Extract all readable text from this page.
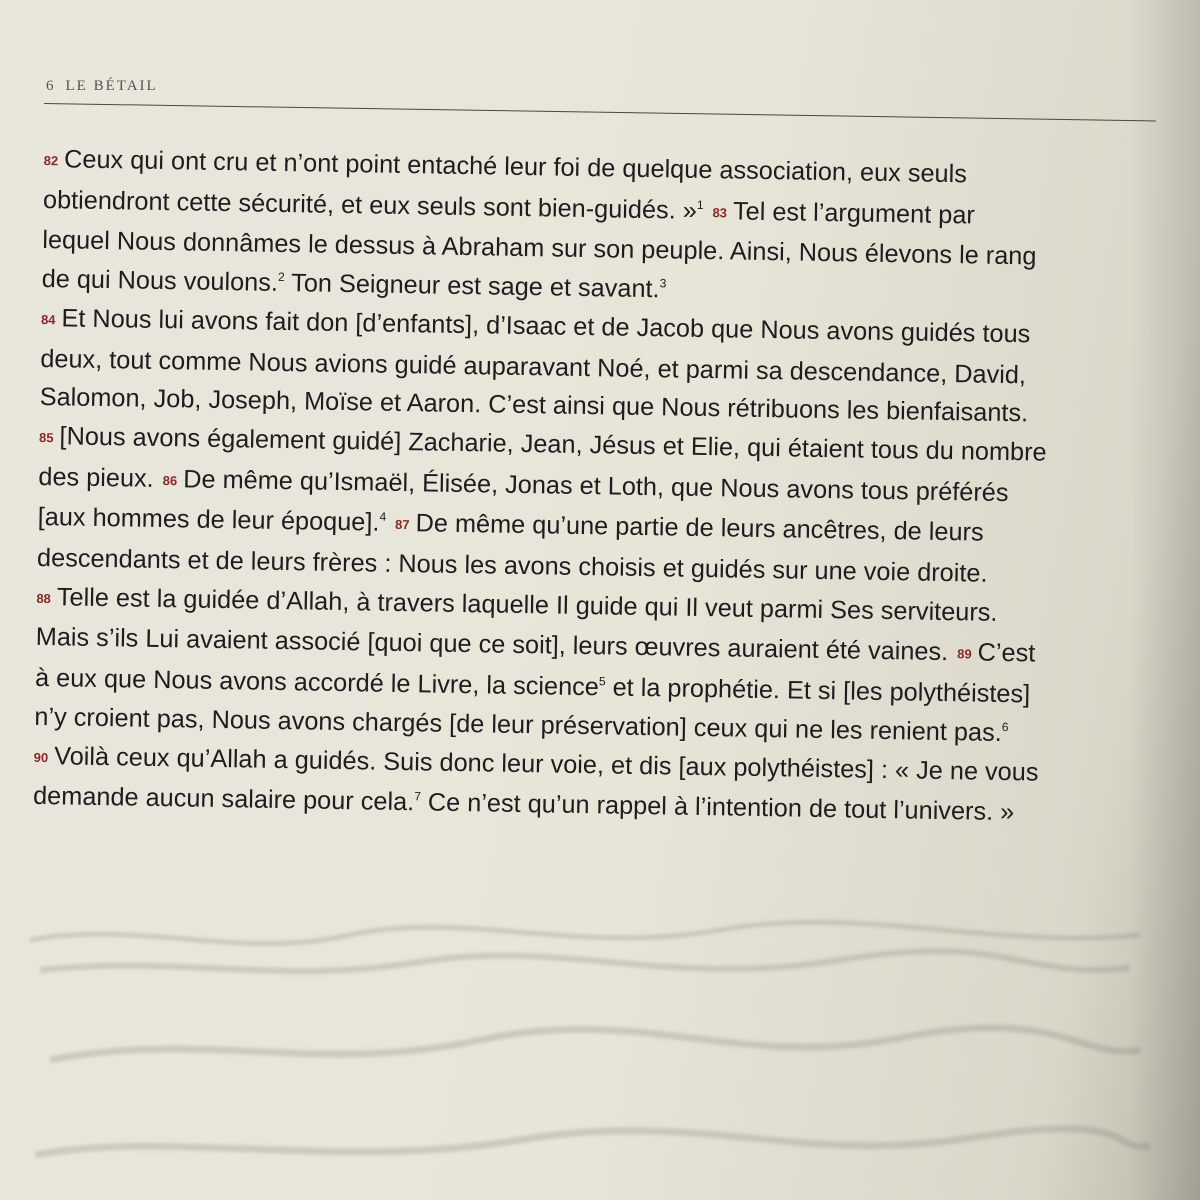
6 LE BÉTAIL
82 Ceux qui ont cru et n’ont point entaché leur foi de quelque association, eux seuls
obtiendront cette sécurité, et eux seuls sont bien-guidés. »$^1$ 83 Tel est l’argument par
lequel Nous donnâmes le dessus à Abraham sur son peuple. Ainsi, Nous élevons le rang
de qui Nous voulons.$^2$ Ton Seigneur est sage et savant.$^3$
84 Et Nous lui avons fait don [d’enfants], d’Isaac et de Jacob que Nous avons guidés tous
deux, tout comme Nous avions guidé auparavant Noé, et parmi sa descendance, David,
Salomon, Job, Joseph, Moïse et Aaron. C’est ainsi que Nous rétribuons les bienfaisants.
85 [Nous avons également guidé] Zacharie, Jean, Jésus et Elie, qui étaient tous du nombre
des pieux. 86 De même qu’Ismaël, Élisée, Jonas et Loth, que Nous avons tous préférés
[aux hommes de leur époque].$^4$ 87 De même qu’une partie de leurs ancêtres, de leurs
descendants et de leurs frères : Nous les avons choisis et guidés sur une voie droite.
88 Telle est la guidée d’Allah, à travers laquelle Il guide qui Il veut parmi Ses serviteurs.
Mais s’ils Lui avaient associé [quoi que ce soit], leurs œuvres auraient été vaines. 89 C’est
à eux que Nous avons accordé le Livre, la science$^5$ et la prophétie. Et si [les polythéistes]
n’y croient pas, Nous avons chargés [de leur préservation] ceux qui ne les renient pas.$^6$
90 Voilà ceux qu’Allah a guidés. Suis donc leur voie, et dis [aux polythéistes] : « Je ne vous
demande aucun salaire pour cela.$^7$ Ce n’est qu’un rappel à l’intention de tout l’univers. »
